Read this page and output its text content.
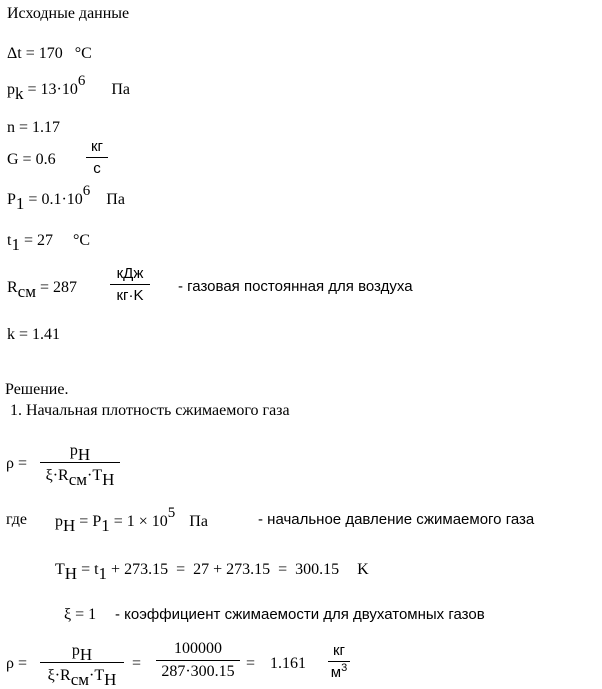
Исходные данные
Δt = 170 °C
pk = 13·106 Па
n = 1.17
G = 0.6
кг
с
P1 = 0.1·106 Па
t1 = 27 °C
Rсм = 287
кДж
кг·K
- газовая постоянная для воздуха
k = 1.41
Решение.
1. Начальная плотность сжимаемого газа
ρ =
pH
ξ·Rсм·TH
где pH = P1 = 1 × 105 Па	- начальное давление сжимаемого газа
TH = t1 + 273.15  =  27 + 273.15  =  300.15 K
ξ = 1 - коэффициент сжимаемости для двухатомных газов
ρ =
pH
ξ·Rсм·TH
=
100000
287·300.15 = 1.161
кг
$м^3$
